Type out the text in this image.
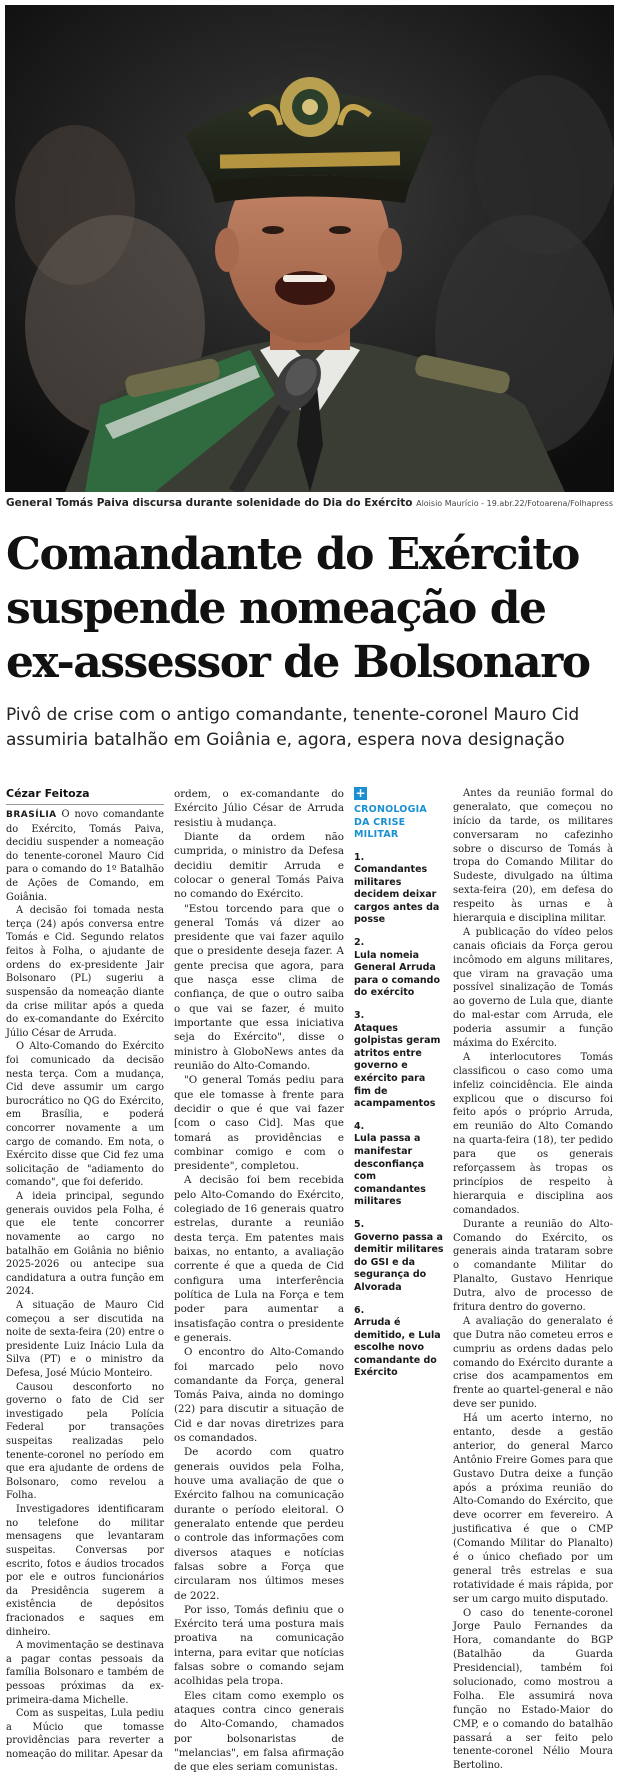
General Tomás Paiva discursa durante solenidade do Dia do Exército Aloisio Maurício - 19.abr.22/Fotoarena/Folhapress
Comandante do Exército
suspende nomeação de
ex-assessor de Bolsonaro

Pivô de crise com o antigo comandante, tenente-coronel Mauro Cid assumiria batalhão em Goiânia e, agora, espera nova designação

Cézar Feitoza

BRASÍLIA O novo comandante do Exército, Tomás Paiva, decidiu suspender a nomeação do tenente-coronel Mauro Cid para o comando do 1º Batalhão de Ações de Comando, em Goiânia.

A decisão foi tomada nesta terça (24) após conversa entre Tomás e Cid. Segundo relatos feitos à Folha, o ajudante de ordens do ex-presidente Jair Bolsonaro (PL) sugeriu a suspensão da nomeação diante da crise militar após a queda do ex-comandante do Exército Júlio César de Arruda.

O Alto-Comando do Exército foi comunicado da decisão nesta terça. Com a mudança, Cid deve assumir um cargo burocrático no QG do Exército, em Brasília, e poderá concorrer novamente a um cargo de comando. Em nota, o Exército disse que Cid fez uma solicitação de "adiamento do comando", que foi deferido.

A ideia principal, segundo generais ouvidos pela Folha, é que ele tente concorrer novamente ao cargo no batalhão em Goiânia no biênio 2025-2026 ou antecipe sua candidatura a outra função em 2024.

A situação de Mauro Cid começou a ser discutida na noite de sexta-feira (20) entre o presidente Luiz Inácio Lula da Silva (PT) e o ministro da Defesa, José Múcio Monteiro.

Causou desconforto no governo o fato de Cid ser investigado pela Polícia Federal por transações suspeitas realizadas pelo tenente-coronel no período em que era ajudante de ordens de Bolsonaro, como revelou a Folha.

Investigadores identificaram no telefone do militar mensagens que levantaram suspeitas. Conversas por escrito, fotos e áudios trocados por ele e outros funcionários da Presidência sugerem a existência de depósitos fracionados e saques em dinheiro.

A movimentação se destinava a pagar contas pessoais da família Bolsonaro e também de pessoas próximas da ex-primeira-dama Michelle.

Com as suspeitas, Lula pediu a Múcio que tomasse providências para reverter a nomeação do militar. Apesar da

ordem, o ex-comandante do Exército Júlio César de Arruda resistiu à mudança.

Diante da ordem não cumprida, o ministro da Defesa decidiu demitir Arruda e colocar o general Tomás Paiva no comando do Exército.

"Estou torcendo para que o general Tomás vá dizer ao presidente que vai fazer aquilo que o presidente deseja fazer. A gente precisa que agora, para que nasça esse clima de confiança, de que o outro saiba o que vai se fazer, é muito importante que essa iniciativa seja do Exército", disse o ministro à GloboNews antes da reunião do Alto-Comando.

"O general Tomás pediu para que ele tomasse à frente para decidir o que é que vai fazer [com o caso Cid]. Mas que tomará as providências e combinar comigo e com o presidente", completou.

A decisão foi bem recebida pelo Alto-Comando do Exército, colegiado de 16 generais quatro estrelas, durante a reunião desta terça. Em patentes mais baixas, no entanto, a avaliação corrente é que a queda de Cid configura uma interferência política de Lula na Força e tem poder para aumentar a insatisfação contra o presidente e generais.

O encontro do Alto-Comando foi marcado pelo novo comandante da Força, general Tomás Paiva, ainda no domingo (22) para discutir a situação de Cid e dar novas diretrizes para os comandados.

De acordo com quatro generais ouvidos pela Folha, houve uma avaliação de que o Exército falhou na comunicação durante o período eleitoral. O generalato entende que perdeu o controle das informações com diversos ataques e notícias falsas sobre a Força que circularam nos últimos meses de 2022.

Por isso, Tomás definiu que o Exército terá uma postura mais proativa na comunicação interna, para evitar que notícias falsas sobre o comando sejam acolhidas pela tropa.

Eles citam como exemplo os ataques contra cinco generais do Alto-Comando, chamados por bolsonaristas de "melancias", em falsa afirmação de que eles seriam comunistas.

+
CRONOLOGIA DA CRISE MILITAR
1.
Comandantes militares decidem deixar cargos antes da posse
2.
Lula nomeia General Arruda para o comando do exército
3.
Ataques golpistas geram atritos entre governo e exército para fim de acampamentos
4.
Lula passa a manifestar desconfiança com comandantes militares
5.
Governo passa a demitir militares do GSI e da segurança do Alvorada
6.
Arruda é demitido, e Lula escolhe novo comandante do Exército

Antes da reunião formal do generalato, que começou no início da tarde, os militares conversaram no cafezinho sobre o discurso de Tomás à tropa do Comando Militar do Sudeste, divulgado na última sexta-feira (20), em defesa do respeito às urnas e à hierarquia e disciplina militar.

A publicação do vídeo pelos canais oficiais da Força gerou incômodo em alguns militares, que viram na gravação uma possível sinalização de Tomás ao governo de Lula que, diante do mal-estar com Arruda, ele poderia assumir a função máxima do Exército.

A interlocutores Tomás classificou o caso como uma infeliz coincidência. Ele ainda explicou que o discurso foi feito após o próprio Arruda, em reunião do Alto Comando na quarta-feira (18), ter pedido para que os generais reforçassem às tropas os princípios de respeito à hierarquia e disciplina aos comandados.

Durante a reunião do Alto-Comando do Exército, os generais ainda trataram sobre o comandante Militar do Planalto, Gustavo Henrique Dutra, alvo de processo de fritura dentro do governo.

A avaliação do generalato é que Dutra não cometeu erros e cumpriu as ordens dadas pelo comando do Exército durante a crise dos acampamentos em frente ao quartel-general e não deve ser punido.

Há um acerto interno, no entanto, desde a gestão anterior, do general Marco Antônio Freire Gomes para que Gustavo Dutra deixe a função após a próxima reunião do Alto-Comando do Exército, que deve ocorrer em fevereiro. A justificativa é que o CMP (Comando Militar do Planalto) é o único chefiado por um general três estrelas e sua rotatividade é mais rápida, por ser um cargo muito disputado.

O caso do tenente-coronel Jorge Paulo Fernandes da Hora, comandante do BGP (Batalhão da Guarda Presidencial), também foi solucionado, como mostrou a Folha. Ele assumirá nova função no Estado-Maior do CMP, e o comando do batalhão passará a ser feito pelo tenente-coronel Nélio Moura Bertolino.
